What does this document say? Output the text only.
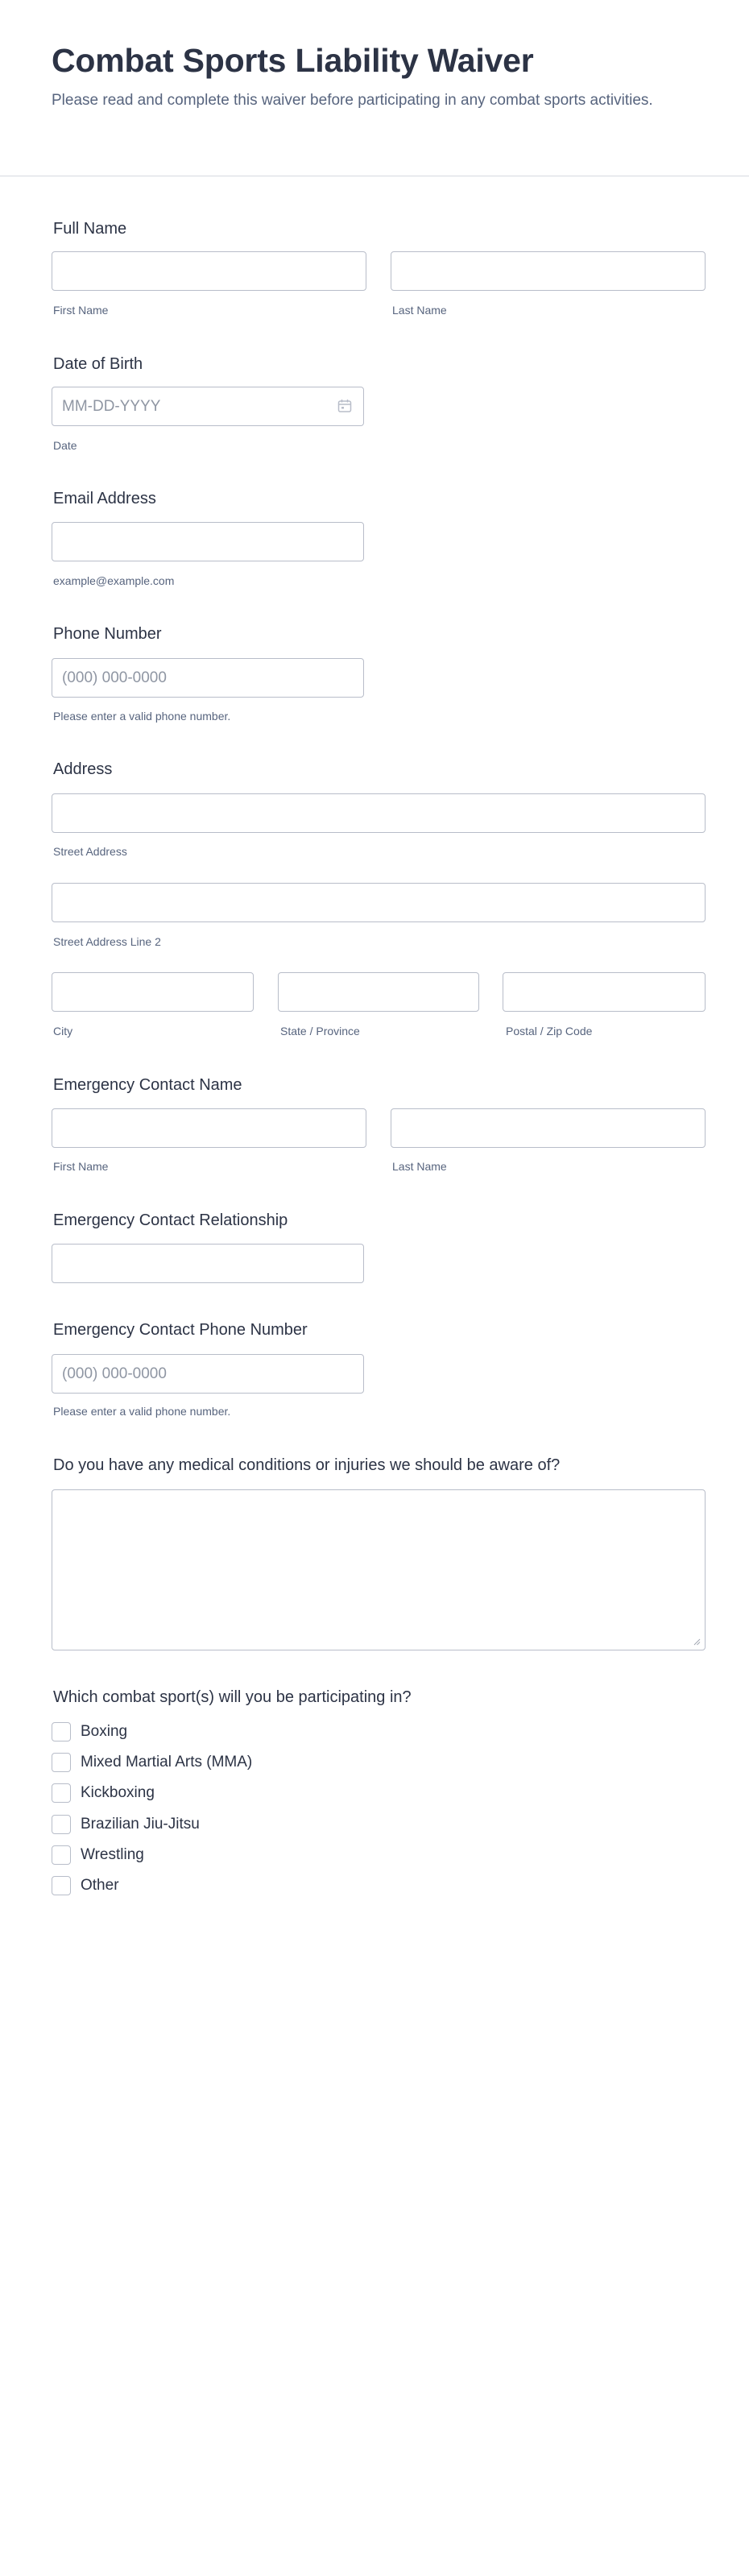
Combat Sports Liability Waiver

Please read and complete this waiver before participating in any combat sports activities.

Full Name
First Name	Last Name
Date of Birth
MM-DD-YYYY
Date
Email Address
example@example.com
Phone Number
(000) 000-0000
Please enter a valid phone number.
Address
Street Address
Street Address Line 2
City	State / Province	Postal / Zip Code
Emergency Contact Name
First Name	Last Name
Emergency Contact Relationship
Emergency Contact Phone Number
(000) 000-0000
Please enter a valid phone number.
Do you have any medical conditions or injuries we should be aware of?
Which combat sport(s) will you be participating in?
Boxing
Mixed Martial Arts (MMA)
Kickboxing
Brazilian Jiu-Jitsu
Wrestling
Other
